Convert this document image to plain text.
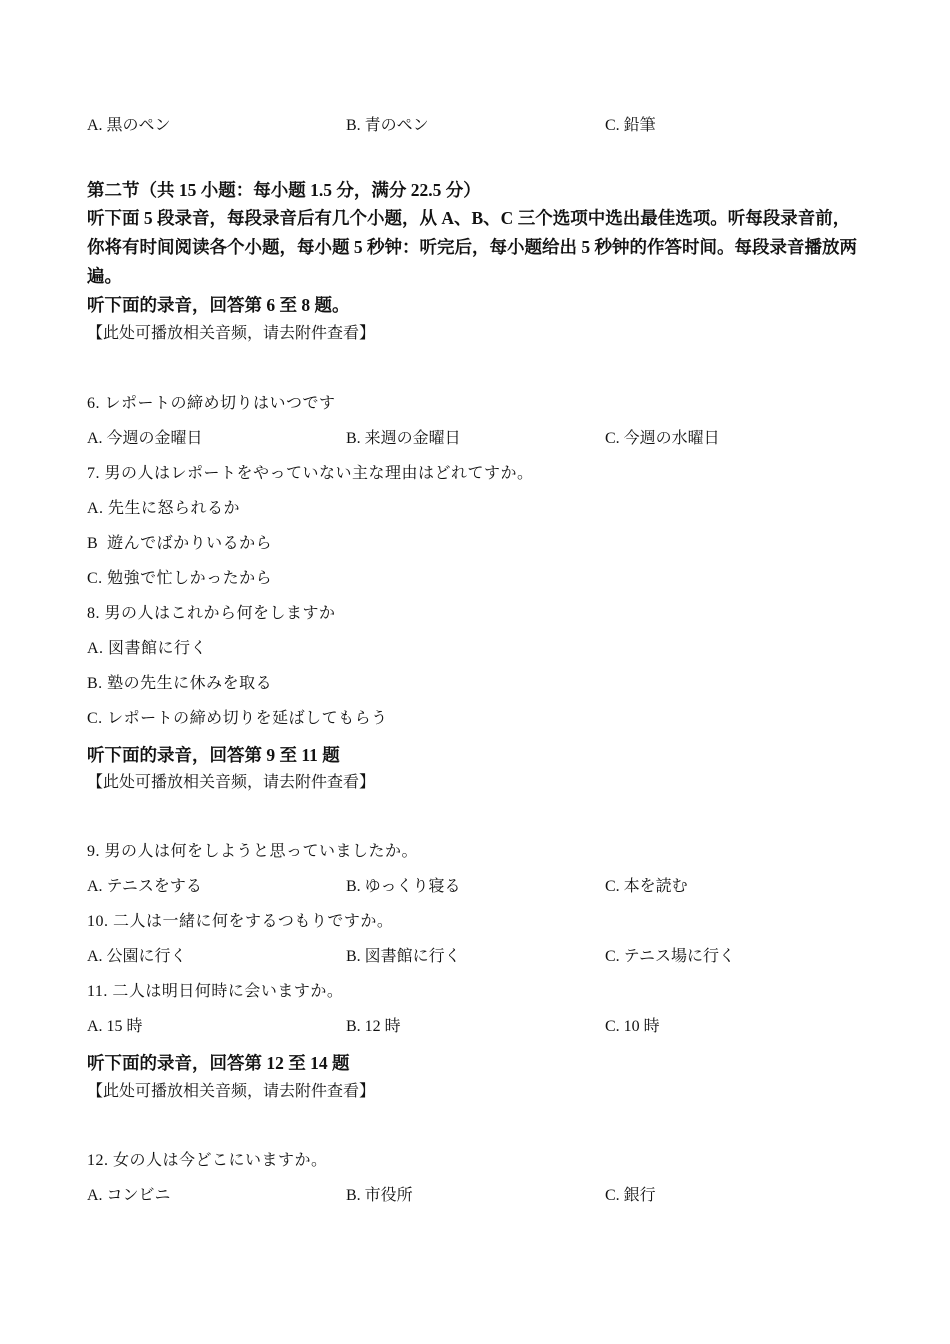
A. 黒のペン	B. 青のペン	C. 鉛筆
第二节（共 15 小题：每小题 1.5 分，满分 22.5 分）
听下面 5 段录音，每段录音后有几个小题，从 A、B、C 三个选项中选出最佳选项。听每段录音前，你将有时间阅读各个小题，每小题 5 秒钟：听完后，每小题给出 5 秒钟的作答时间。每段录音播放两遍。
听下面的录音，回答第 6 至 8 题。
【此处可播放相关音频，请去附件查看】
6. レポートの締め切りはいつです
A. 今週の金曜日	B. 来週の金曜日	C. 今週の水曜日
7. 男の人はレポートをやっていない主な理由はどれてすか。
A. 先生に怒られるか
B  遊んでばかりいるから
C. 勉強で忙しかったから
8. 男の人はこれから何をしますか
A. 図書館に行く
B. 塾の先生に休みを取る
C. レポートの締め切りを延ばしてもらう
听下面的录音，回答第 9 至 11 题
【此处可播放相关音频，请去附件查看】
9. 男の人は何をしようと思っていましたか。
A. テニスをする	B. ゆっくり寝る	C. 本を読む
10. 二人は一緒に何をするつもりですか。
A. 公園に行く	B. 図書館に行く	C. テニス場に行く
11. 二人は明日何時に会いますか。
A. 15 時	B. 12 時	C. 10 時
听下面的录音，回答第 12 至 14 题
【此处可播放相关音频，请去附件查看】
12. 女の人は今どこにいますか。
A. コンビニ	B. 市役所	C. 銀行
